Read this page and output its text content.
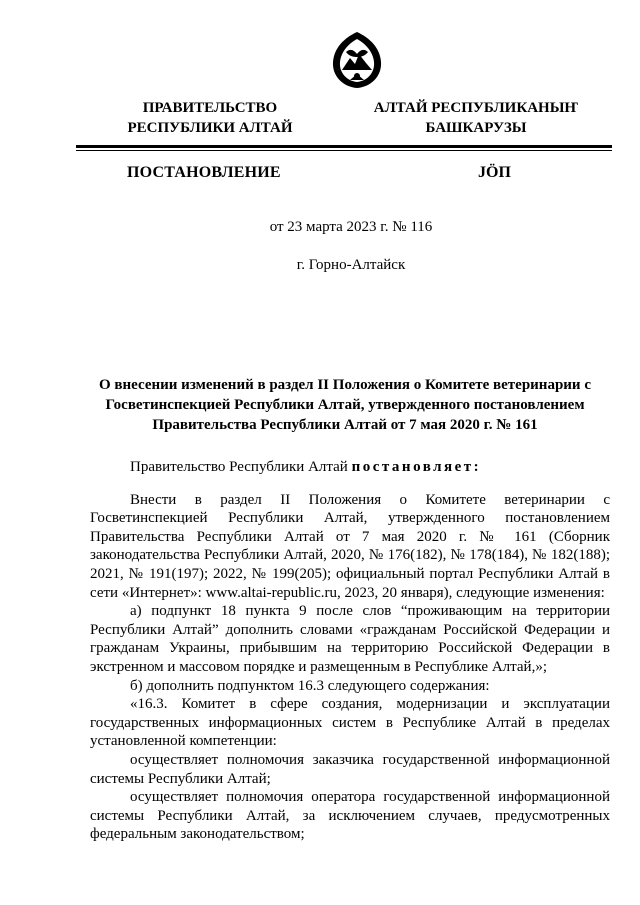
ПРАВИТЕЛЬСТВО
РЕСПУБЛИКИ АЛТАЙ
АЛТАЙ РЕСПУБЛИКАНЫҤ
БАШКАРУЗЫ
ПОСТАНОВЛЕНИЕ	JÖП
от 23 марта 2023 г. № 116
г. Горно-Алтайск
О внесении изменений в раздел II Положения о Комитете ветеринарии с Госветинспекцией Республики Алтай, утвержденного постановлением Правительства Республики Алтай от 7 мая 2020 г. № 161

Правительство Республики Алтай постановляет:

Внести в раздел II Положения о Комитете ветеринарии с Госветинспекцией Республики Алтай, утвержденного постановлением Правительства Республики Алтай от 7 мая 2020 г. № 161 (Сборник законодательства Республики Алтай, 2020, № 176(182), № 178(184), № 182(188); 2021, № 191(197); 2022, № 199(205); официальный портал Республики Алтай в сети «Интернет»: www.altai-republic.ru, 2023, 20 января), следующие изменения:

а) подпункт 18 пункта 9 после слов “проживающим на территории Республики Алтай” дополнить словами «гражданам Российской Федерации и гражданам Украины, прибывшим на территорию Российской Федерации в экстренном и массовом порядке и размещенным в Республике Алтай,»;

б) дополнить подпунктом 16.3 следующего содержания:

«16.3. Комитет в сфере создания, модернизации и эксплуатации государственных информационных систем в Республике Алтай в пределах установленной компетенции:

осуществляет полномочия заказчика государственной информационной системы Республики Алтай;

осуществляет полномочия оператора государственной информационной системы Республики Алтай, за исключением случаев, предусмотренных федеральным законодательством;
